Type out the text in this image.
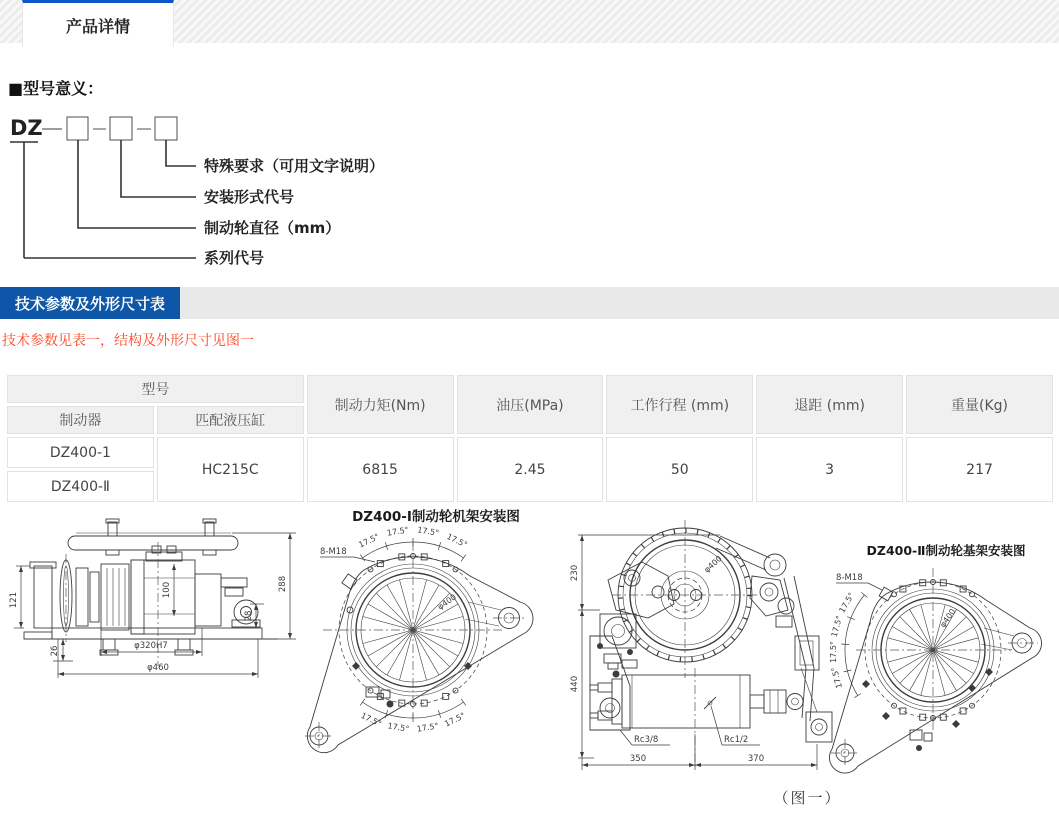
产品详情
■型号意义：
DZ
特殊要求（可用文字说明）
安装形式代号
制动轮直径（mm）
系列代号
技术参数及外形尺寸表
技术参数见表一，结构及外形尺寸见图一
型号		制动力矩(Nm)	油压(MPa)	工作行程 (mm)	退距 (mm)	重量(Kg)
制动器	匹配液压缸					
DZ400-1	HC215C	6815	2.45	50	3	217
DZ400-Ⅱ						
121
26
100
28
288
φ320H7
φ460
DZ400-Ⅰ制动轮机架安装图
φ400
17.5°
17.5°
17.5°
17.5°
17.5° 17.5° 17.5° 17.5°
8-M18
φ400
230
440
350	370
Rc3/8	Rc1/2
DZ400-Ⅱ制动轮基架安装图
φ400
17.5°
17.5°
17.5°
17.5°
8-M18
（图一）
